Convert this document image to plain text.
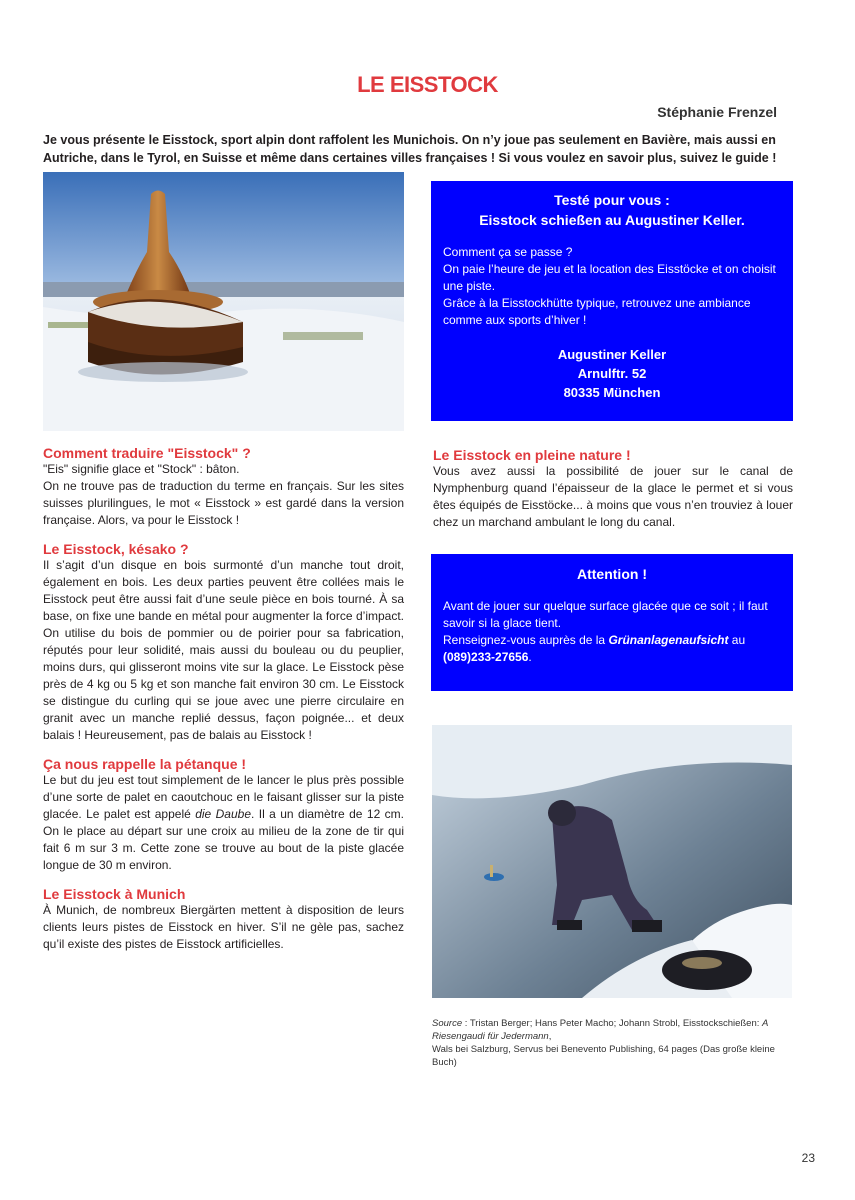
LE EISSTOCK
Stéphanie Frenzel
Je vous présente le Eisstock, sport alpin dont raffolent les Munichois. On n’y joue pas seulement en Bavière, mais aussi en Autriche, dans le Tyrol, en Suisse et même dans certaines villes françaises ! Si vous voulez en savoir plus, suivez le guide !
Testé pour vous :
Eisstock schießen au Augustiner Keller.
Comment ça se passe ?
On paie l’heure de jeu et la location des Eisstöcke et on choisit une piste.
Grâce à la Eisstockhütte typique, retrouvez une ambiance comme aux sports d’hiver !
Augustiner Keller
Arnulftr. 52
80335 München
Comment traduire "Eisstock" ?

"Eis" signifie glace et "Stock" : bâton.

On ne trouve pas de traduction du terme en français. Sur les sites suisses plurilingues, le mot « Eisstock » est gardé dans la version française. Alors, va pour le Eisstock !

Le Eisstock, késako ?

Il s’agit d’un disque en bois surmonté d’un manche tout droit, également en bois. Les deux parties peuvent être collées mais le Eisstock peut être aussi fait d’une seule pièce en bois tourné. À sa base, on fixe une bande en métal pour augmenter la force d’impact. On utilise du bois de pommier ou de poirier pour sa fabrication, réputés pour leur solidité, mais aussi du bouleau ou du peuplier, moins durs, qui glisseront moins vite sur la glace. Le Eisstock pèse près de 4 kg ou 5 kg et son manche fait environ 30 cm. Le Eisstock se distingue du curling qui se joue avec une pierre circulaire en granit avec un manche replié dessus, façon poignée... et deux balais ! Heureusement, pas de balais au Eisstock !

Ça nous rappelle la pétanque !

Le but du jeu est tout simplement de le lancer le plus près possible d’une sorte de palet en caoutchouc en le faisant glisser sur la piste glacée. Le palet est appelé die Daube. Il a un diamètre de 12 cm. On le place au départ sur une croix au milieu de la zone de tir qui fait 6 m sur 3 m. Cette zone se trouve au bout de la piste glacée longue de 30 m environ.

Le Eisstock à Munich

À Munich, de nombreux Biergärten mettent à disposition de leurs clients leurs pistes de Eisstock en hiver. S’il ne gèle pas, sachez qu’il existe des pistes de Eisstock artificielles.

Le Eisstock en pleine nature !

Vous avez aussi la possibilité de jouer sur le canal de Nymphenburg quand l’épaisseur de la glace le permet et si vous êtes équipés de Eisstöcke... à moins que vous n’en trouviez à louer chez un marchand ambulant le long du canal.

Attention !
Avant de jouer sur quelque surface glacée que ce soit ; il faut savoir si la glace tient.
Renseignez-vous auprès de la Grünanlagenaufsicht au
(089)233-27656.
Source : Tristan Berger; Hans Peter Macho; Johann Strobl, Eisstockschießen: A Riesengaudi für Jedermann,
Wals bei Salzburg, Servus bei Benevento Publishing, 64 pages (Das große kleine Buch)
23
